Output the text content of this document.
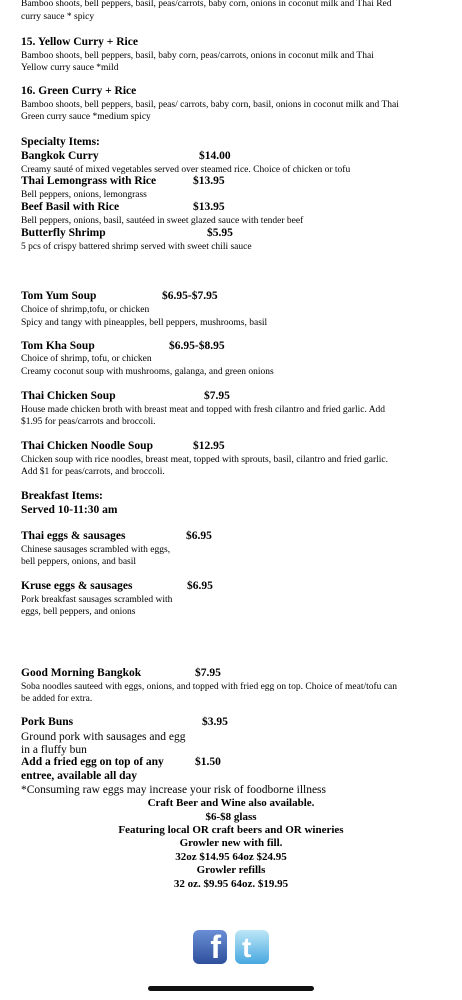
Bamboo shoots, bell peppers, basil, peas/carrots, baby corn, onions in coconut milk and Thai Red
curry sauce * spicy
15. Yellow Curry + Rice
Bamboo shoots, bell peppers, basil, baby corn, peas/carrots, onions in coconut milk and Thai
Yellow curry sauce *mild
16. Green Curry + Rice
Bamboo shoots, bell peppers, basil, peas/ carrots, baby corn, basil, onions in coconut milk and Thai
Green curry sauce *medium spicy
Specialty Items:
Bangkok Curry	$14.00
Creamy sauté of mixed vegetables served over steamed rice. Choice of chicken or tofu
Thai Lemongrass with Rice	$13.95
Bell peppers, onions, lemongrass
Beef Basil with Rice	$13.95
Bell peppers, onions, basil, sautéed in sweet glazed sauce with tender beef
Butterfly Shrimp	$5.95
5 pcs of crispy battered shrimp served with sweet chili sauce
Tom Yum Soup	$6.95-$7.95
Choice of shrimp,tofu, or chicken
Spicy and tangy with pineapples, bell peppers, mushrooms, basil
Tom Kha Soup	$6.95-$8.95
Choice of shrimp, tofu, or chicken
Creamy coconut soup with mushrooms, galanga, and green onions
Thai Chicken Soup	$7.95
House made chicken broth with breast meat and topped with fresh cilantro and fried garlic. Add
$1.95 for peas/carrots and broccoli.
Thai Chicken Noodle Soup	$12.95
Chicken soup with rice noodles, breast meat, topped with sprouts, basil, cilantro and fried garlic.
Add $1 for peas/carrots, and broccoli.
Breakfast Items:
Served 10-11:30 am
Thai eggs & sausages	$6.95
Chinese sausages scrambled with eggs,
bell peppers, onions, and basil
Kruse eggs & sausages	$6.95
Pork breakfast sausages scrambled with
eggs, bell peppers, and onions
Good Morning Bangkok	$7.95
Soba noodles sauteed with eggs, onions, and topped with fried egg on top. Choice of meat/tofu can
be added for extra.
Pork Buns	$3.95
Ground pork with sausages and egg
in a fluffy bun
Add a fried egg on top of any	$1.50
entree, available all day
*Consuming raw eggs may increase your risk of foodborne illness
Craft Beer and Wine also available.
$6-$8 glass
Featuring local OR craft beers and OR wineries
Growler new with fill.
32oz $14.95 64oz $24.95
Growler refills
32 oz. $9.95 64oz. $19.95
f t
